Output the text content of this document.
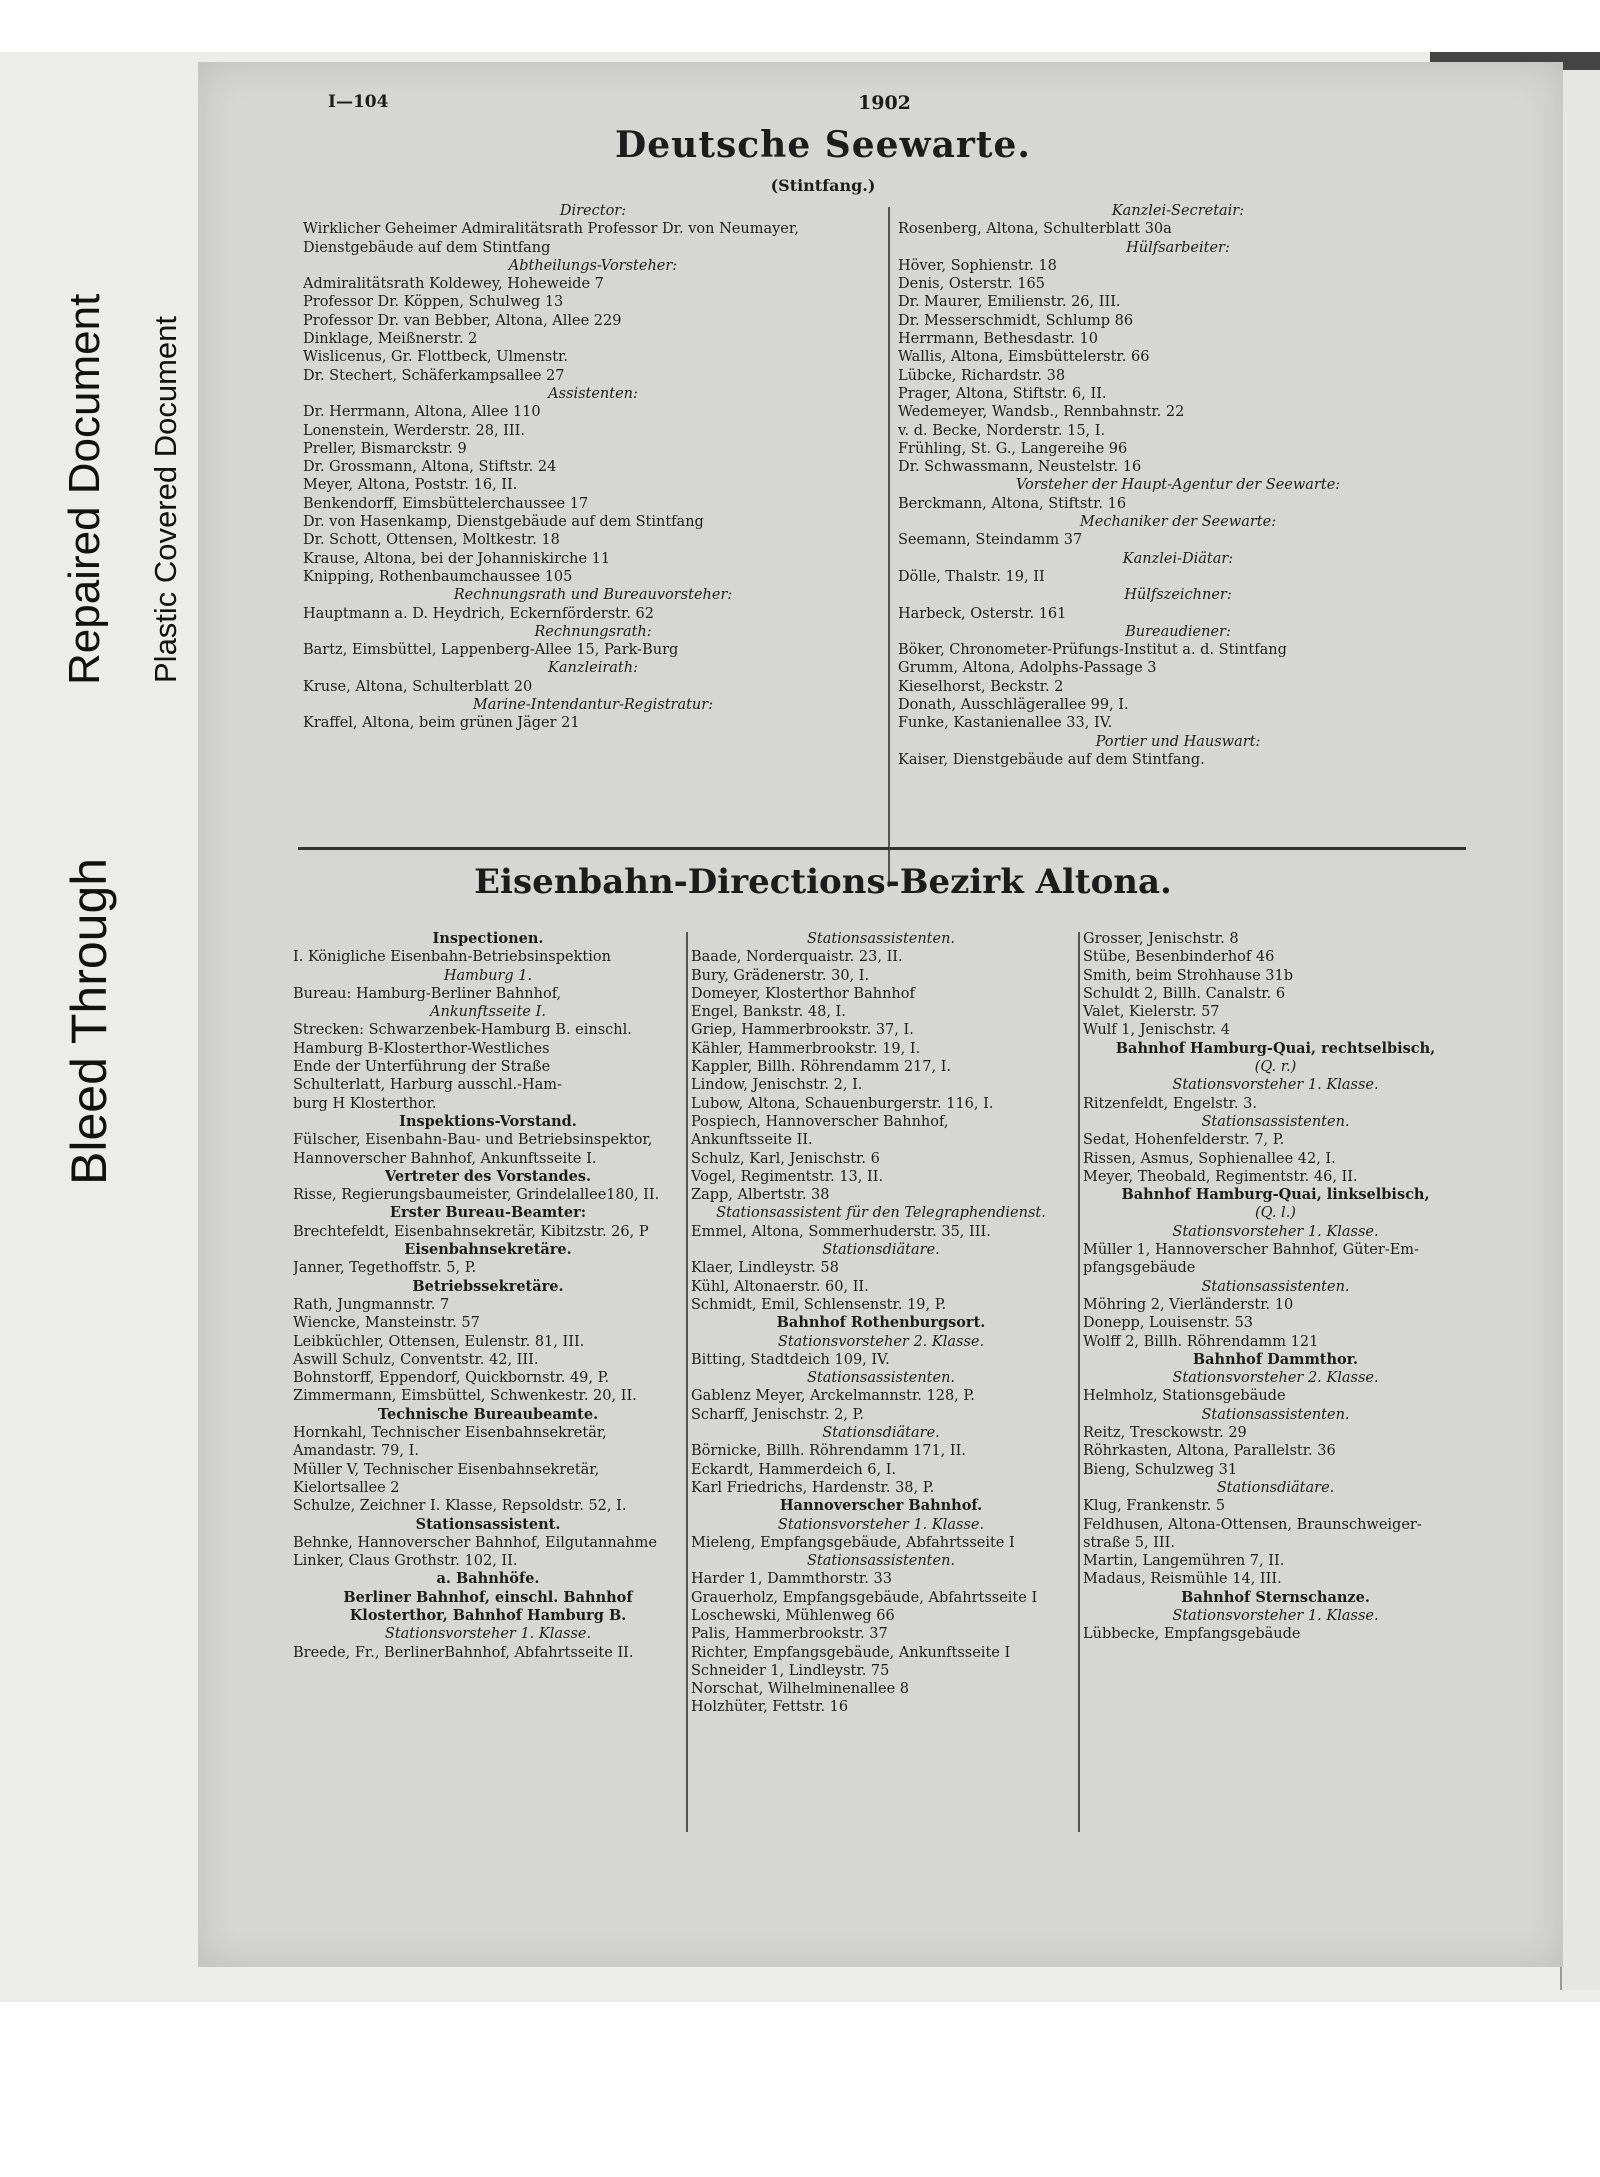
Bleed Through
Repaired Document Plastic Covered Document
I—104	1902
Deutsche Seewarte.
(Stintfang.)
Director:
Wirklicher Geheimer Admiralitätsrath Professor Dr. von Neumayer,
Dienstgebäude auf dem Stintfang
Abtheilungs-Vorsteher:
Admiralitätsrath Koldewey, Hoheweide 7
Professor Dr. Köppen, Schulweg 13
Professor Dr. van Bebber, Altona, Allee 229
Dinklage, Meißnerstr. 2
Wislicenus, Gr. Flottbeck, Ulmenstr.
Dr. Stechert, Schäferkampsallee 27
Assistenten:
Dr. Herrmann, Altona, Allee 110
Lonenstein, Werderstr. 28, III.
Preller, Bismarckstr. 9
Dr. Grossmann, Altona, Stiftstr. 24
Meyer, Altona, Poststr. 16, II.
Benkendorff, Eimsbüttelerchaussee 17
Dr. von Hasenkamp, Dienstgebäude auf dem Stintfang
Dr. Schott, Ottensen, Moltkestr. 18
Krause, Altona, bei der Johanniskirche 11
Knipping, Rothenbaumchaussee 105
Rechnungsrath und Bureauvorsteher:
Hauptmann a. D. Heydrich, Eckernförderstr. 62
Rechnungsrath:
Bartz, Eimsbüttel, Lappenberg-Allee 15, Park-Burg
Kanzleirath:
Kruse, Altona, Schulterblatt 20
Marine-Intendantur-Registratur:
Kraffel, Altona, beim grünen Jäger 21
Kanzlei-Secretair:
Rosenberg, Altona, Schulterblatt 30a
Hülfsarbeiter:
Höver, Sophienstr. 18
Denis, Osterstr. 165
Dr. Maurer, Emilienstr. 26, III.
Dr. Messerschmidt, Schlump 86
Herrmann, Bethesdastr. 10
Wallis, Altona, Eimsbüttelerstr. 66
Lübcke, Richardstr. 38
Prager, Altona, Stiftstr. 6, II.
Wedemeyer, Wandsb., Rennbahnstr. 22
v. d. Becke, Norderstr. 15, I.
Frühling, St. G., Langereihe 96
Dr. Schwassmann, Neustelstr. 16
Vorsteher der Haupt-Agentur der Seewarte:
Berckmann, Altona, Stiftstr. 16
Mechaniker der Seewarte:
Seemann, Steindamm 37
Kanzlei-Diätar:
Dölle, Thalstr. 19, II
Hülfszeichner:
Harbeck, Osterstr. 161
Bureaudiener:
Böker, Chronometer-Prüfungs-Institut a. d. Stintfang
Grumm, Altona, Adolphs-Passage 3
Kieselhorst, Beckstr. 2
Donath, Ausschlägerallee 99, I.
Funke, Kastanienallee 33, IV.
Portier und Hauswart:
Kaiser, Dienstgebäude auf dem Stintfang.
Eisenbahn-Directions-Bezirk Altona.
Inspectionen.
I. Königliche Eisenbahn-Betriebsinspektion
Hamburg 1.
Bureau: Hamburg-Berliner Bahnhof,
Ankunftsseite I.
Strecken: Schwarzenbek-Hamburg B. einschl.
Hamburg B-Klosterthor-Westliches
Ende der Unterführung der Straße
Schulterlatt, Harburg ausschl.-Ham-
burg H Klosterthor.
Inspektions-Vorstand.
Fülscher, Eisenbahn-Bau- und Betriebsinspektor,
Hannoverscher Bahnhof, Ankunftsseite I.
Vertreter des Vorstandes.
Risse, Regierungsbaumeister, Grindelallee180, II.
Erster Bureau-Beamter:
Brechtefeldt, Eisenbahnsekretär, Kibitzstr. 26, P
Eisenbahnsekretäre.
Janner, Tegethoffstr. 5, P.
Betriebssekretäre.
Rath, Jungmannstr. 7
Wiencke, Mansteinstr. 57
Leibküchler, Ottensen, Eulenstr. 81, III.
Aswill Schulz, Conventstr. 42, III.
Bohnstorff, Eppendorf, Quickbornstr. 49, P.
Zimmermann, Eimsbüttel, Schwenkestr. 20, II.
Technische Bureaubeamte.
Hornkahl, Technischer Eisenbahnsekretär,
Amandastr. 79, I.
Müller V, Technischer Eisenbahnsekretär,
Kielortsallee 2
Schulze, Zeichner I. Klasse, Repsoldstr. 52, I.
Stationsassistent.
Behnke, Hannoverscher Bahnhof, Eilgutannahme
Linker, Claus Grothstr. 102, II.
a. Bahnhöfe.
Berliner Bahnhof, einschl. Bahnhof
Klosterthor, Bahnhof Hamburg B.
Stationsvorsteher 1. Klasse.
Breede, Fr., BerlinerBahnhof, Abfahrtsseite II.
Stationsassistenten.
Baade, Norderquaistr. 23, II.
Bury, Grädenerstr. 30, I.
Domeyer, Klosterthor Bahnhof
Engel, Bankstr. 48, I.
Griep, Hammerbrookstr. 37, I.
Kähler, Hammerbrookstr. 19, I.
Kappler, Billh. Röhrendamm 217, I.
Lindow, Jenischstr. 2, I.
Lubow, Altona, Schauenburgerstr. 116, I.
Pospiech, Hannoverscher Bahnhof,
Ankunftsseite II.
Schulz, Karl, Jenischstr. 6
Vogel, Regimentstr. 13, II.
Zapp, Albertstr. 38
Stationsassistent für den Telegraphendienst.
Emmel, Altona, Sommerhuderstr. 35, III.
Stationsdiätare.
Klaer, Lindleystr. 58
Kühl, Altonaerstr. 60, II.
Schmidt, Emil, Schlensenstr. 19, P.
Bahnhof Rothenburgsort.
Stationsvorsteher 2. Klasse.
Bitting, Stadtdeich 109, IV.
Stationsassistenten.
Gablenz Meyer, Arckelmannstr. 128, P.
Scharff, Jenischstr. 2, P.
Stationsdiätare.
Börnicke, Billh. Röhrendamm 171, II.
Eckardt, Hammerdeich 6, I.
Karl Friedrichs, Hardenstr. 38, P.
Hannoverscher Bahnhof.
Stationsvorsteher 1. Klasse.
Mieleng, Empfangsgebäude, Abfahrtsseite I
Stationsassistenten.
Harder 1, Dammthorstr. 33
Grauerholz, Empfangsgebäude, Abfahrtsseite I
Loschewski, Mühlenweg 66
Palis, Hammerbrookstr. 37
Richter, Empfangsgebäude, Ankunftsseite I
Schneider 1, Lindleystr. 75
Norschat, Wilhelminenallee 8
Holzhüter, Fettstr. 16
Grosser, Jenischstr. 8
Stübe, Besenbinderhof 46
Smith, beim Strohhause 31b
Schuldt 2, Billh. Canalstr. 6
Valet, Kielerstr. 57
Wulf 1, Jenischstr. 4
Bahnhof Hamburg-Quai, rechtselbisch,
(Q. r.)
Stationsvorsteher 1. Klasse.
Ritzenfeldt, Engelstr. 3.
Stationsassistenten.
Sedat, Hohenfelderstr. 7, P.
Rissen, Asmus, Sophienallee 42, I.
Meyer, Theobald, Regimentstr. 46, II.
Bahnhof Hamburg-Quai, linkselbisch,
(Q. l.)
Stationsvorsteher 1. Klasse.
Müller 1, Hannoverscher Bahnhof, Güter-Em-
pfangsgebäude
Stationsassistenten.
Möhring 2, Vierländerstr. 10
Donepp, Louisenstr. 53
Wolff 2, Billh. Röhrendamm 121
Bahnhof Dammthor.
Stationsvorsteher 2. Klasse.
Helmholz, Stationsgebäude
Stationsassistenten.
Reitz, Tresckowstr. 29
Röhrkasten, Altona, Parallelstr. 36
Bieng, Schulzweg 31
Stationsdiätare.
Klug, Frankenstr. 5
Feldhusen, Altona-Ottensen, Braunschweiger-
straße 5, III.
Martin, Langemühren 7, II.
Madaus, Reismühle 14, III.
Bahnhof Sternschanze.
Stationsvorsteher 1. Klasse.
Lübbecke, Empfangsgebäude
